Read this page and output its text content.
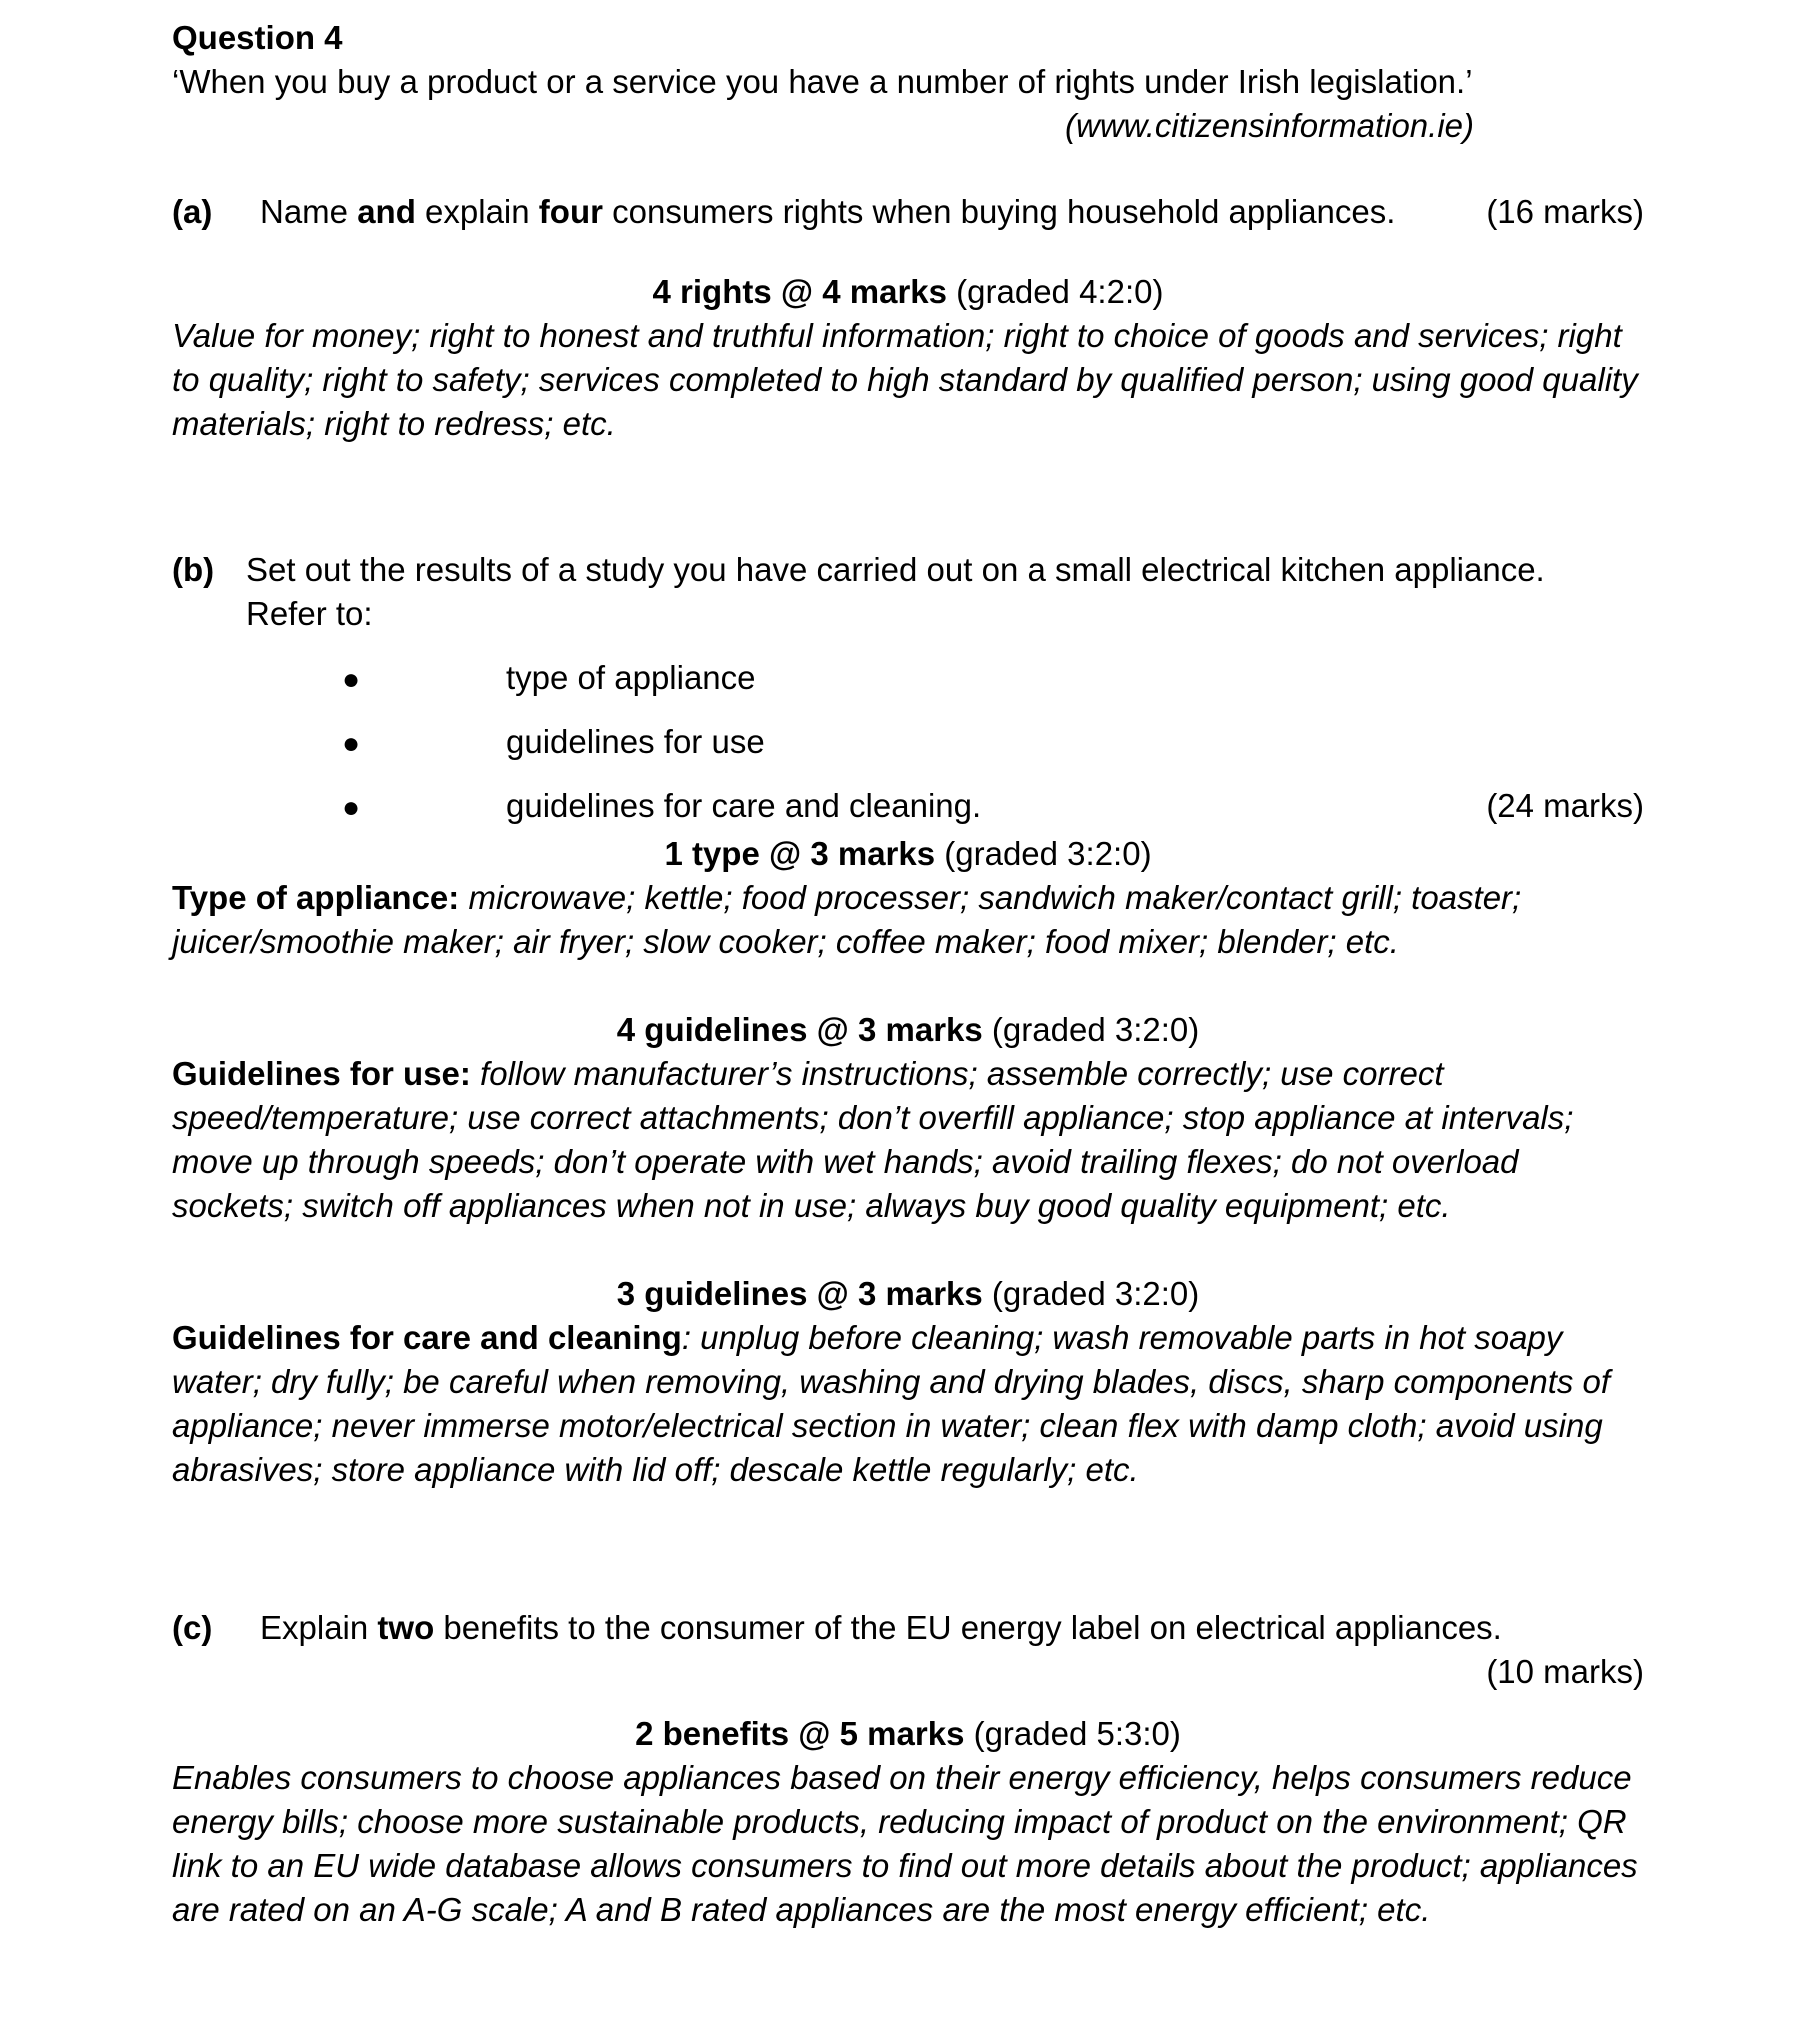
Question 4
‘When you buy a product or a service you have a number of rights under Irish legislation.’
(www.citizensinformation.ie)
(a)	Name and explain four consumers rights when buying household appliances.	(16 marks)
4 rights @ 4 marks (graded 4:2:0)
Value for money; right to honest and truthful information; right to choice of goods and services; right to quality; right to safety; services completed to high standard by qualified person; using good quality materials; right to redress; etc.
(b) Set out the results of a study you have carried out on a small electrical kitchen appliance.
Refer to:
●	type of appliance
●	guidelines for use
●	guidelines for care and cleaning.	(24 marks)
1 type @ 3 marks (graded 3:2:0)
Type of appliance: microwave; kettle; food processer; sandwich maker/contact grill; toaster; juicer/smoothie maker; air fryer; slow cooker; coffee maker; food mixer; blender; etc.
4 guidelines @ 3 marks (graded 3:2:0)
Guidelines for use: follow manufacturer’s instructions; assemble correctly; use correct speed/temperature; use correct attachments; don’t overfill appliance; stop appliance at intervals; move up through speeds; don’t operate with wet hands; avoid trailing flexes; do not overload sockets; switch off appliances when not in use; always buy good quality equipment; etc.
3 guidelines @ 3 marks (graded 3:2:0)
Guidelines for care and cleaning: unplug before cleaning; wash removable parts in hot soapy water; dry fully; be careful when removing, washing and drying blades, discs, sharp components of appliance; never immerse motor/electrical section in water; clean flex with damp cloth; avoid using abrasives; store appliance with lid off; descale kettle regularly; etc.
(c)	Explain two benefits to the consumer of the EU energy label on electrical appliances.
(10 marks)
2 benefits @ 5 marks (graded 5:3:0)
Enables consumers to choose appliances based on their energy efficiency, helps consumers reduce energy bills; choose more sustainable products, reducing impact of product on the environment; QR link to an EU wide database allows consumers to find out more details about the product; appliances are rated on an A-G scale; A and B rated appliances are the most energy efficient; etc.
